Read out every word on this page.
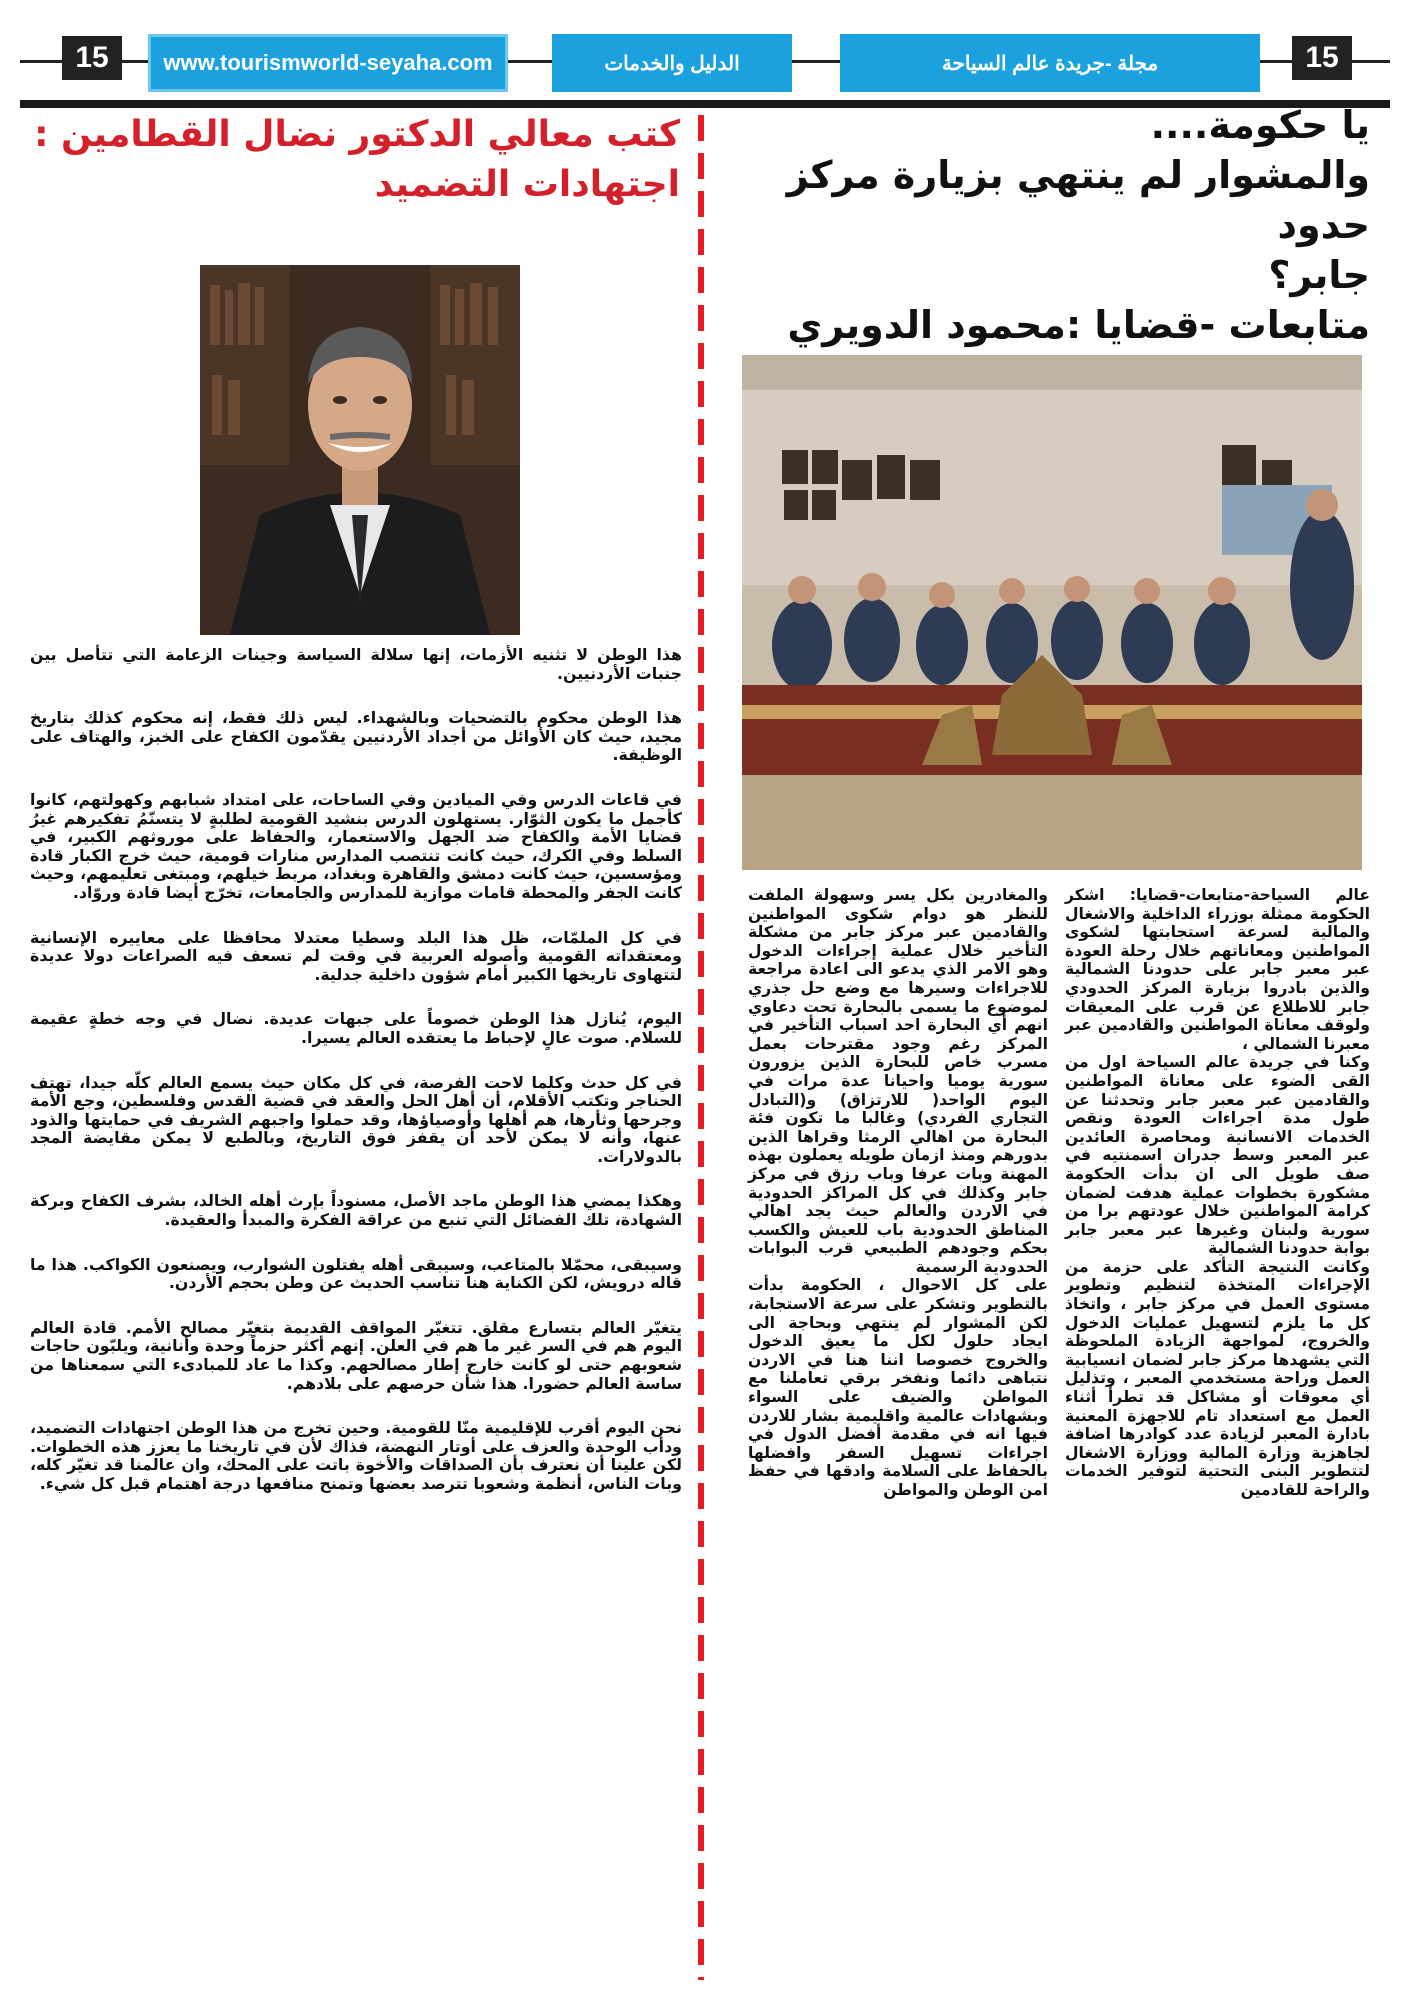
15	www.tourismworld-seyaha.com	الدليل والخدمات	مجلة -جريدة عالم السياحة	15
يا حكومة....
والمشوار لم ينتهي بزيارة مركز حدود
جابر؟
متابعات -قضايا :محمود الدويري
كتب معالي الدكتور نضال القطامين :
اجتهادات التضميد

هذا الوطن لا تثنيه الأزمات، إنها سلالة السياسة وجينات الزعامة التي تتأصل بين جنبات الأردنيين.

هذا الوطن محكوم بالتضحيات وبالشهداء. ليس ذلك فقط، إنه محكوم كذلك بتاريخ مجيد، حيث كان الأوائل من أجداد الأردنيين يقدّمون الكفاح على الخبز، والهتاف على الوظيفة.

في قاعات الدرس وفي الميادين وفي الساحات، على امتداد شبابهم وكهولتهم، كانوا كأجمل ما يكون الثوّار. يستهلون الدرس بنشيد القومية لطلبةٍ لا يتسنّمُ تفكيرهم غيرُ قضايا الأمة والكفاح ضد الجهل والاستعمار، والحفاظ على موروثهم الكبير، في السلط وفي الكرك، حيث كانت تنتصب المدارس منارات قومية، حيث خرج الكبار قادة ومؤسسين، حيث كانت دمشق والقاهرة وبغداد، مربط خيلهم، ومبتغى تعليمهم، وحيث كانت الجفر والمحطة قامات موازية للمدارس والجامعات، تخرّج أيضا قادة وروّاد.

في كل الملمّات، ظل هذا البلد وسطيا معتدلا محافظا على معاييره الإنسانية ومعتقداته القومية وأصوله العربية في وقت لم تسعف فيه الصراعات دولا عديدة لتتهاوى تاريخها الكبير أمام شؤون داخلية جدلية.

اليوم، يُنازل هذا الوطن خصوماً على جبهات عديدة. نضال في وجه خطةٍ عقيمة للسلام. صوت عالٍ لإحباط ما يعتقده العالم يسيرا.

في كل حدث وكلما لاحت الفرصة، في كل مكان حيث يسمع العالم كلّه جيدا، تهتف الحناجر وتكتب الأقلام، أن أهل الحل والعقد في قضية القدس وفلسطين، وجع الأمة وجرحها وثأرها، هم أهلها وأوصياؤها، وقد حملوا واجبهم الشريف في حمايتها والذود عنها، وأنه لا يمكن لأحد أن يقفز فوق التاريخ، وبالطبع لا يمكن مقايضة المجد بالدولارات.

وهكذا يمضي هذا الوطن ماجد الأصل، مسنوداً بإرث أهله الخالد، بشرف الكفاح وبركة الشهادة، تلك الفضائل التي تنبع من عراقة الفكرة والمبدأ والعقيدة.

وسيبقى، محمّلا بالمتاعب، وسيبقى أهله يفتلون الشوارب، ويصنعون الكواكب. هذا ما قاله درويش، لكن الكناية هنا تناسب الحديث عن وطن بحجم الأردن.

يتغيّر العالم بتسارع مقلق. تتغيّر المواقف القديمة بتغيّر مصالح الأمم. قادة العالم اليوم هم في السر غير ما هم في العلن. إنهم أكثر حزماً وحدة وأنانية، ويلبّون حاجات شعوبهم حتى لو كانت خارج إطار مصالحهم. وكذا ما عاد للمبادىء التي سمعناها من ساسة العالم حضورا. هذا شأن حرصهم على بلادهم.

نحن اليوم أقرب للإقليمية منّا للقومية. وحين تخرج من هذا الوطن اجتهادات التضميد، ودأب الوحدة والعزف على أوتار النهضة، فذاك لأن في تاريخنا ما يعزز هذه الخطوات. لكن علينا أن نعترف بأن الصداقات والأخوة باتت على المحك، وان عالمنا قد تغيّر كله، وبات الناس، أنظمة وشعوبا تترصد بعضها وتمنح منافعها درجة اهتمام قبل كل شيء.

عالم السياحة-متابعات-قضايا: اشكر الحكومة ممثلة بوزراء الداخلية والاشغال والمالية لسرعة استجابتها لشكوى المواطنين ومعاناتهم خلال رحلة العودة عبر معبر جابر على حدودنا الشمالية والذين بادروا بزيارة المركز الحدودي جابر للاطلاع عن قرب على المعيقات ولوقف معاناة المواطنين والقادمين عبر معبرنا الشمالي ،

وكنا في جريدة عالم السياحة اول من القى الضوء على معاناة المواطنين والقادمين عبر معبر جابر وتحدثنا عن طول مدة اجراءات العودة ونقص الخدمات الانسانية ومحاصرة العائدين عبر المعبر وسط جدران اسمنتيه في صف طويل الى ان بدأت الحكومة مشكورة بخطوات عملية هدفت لضمان كرامة المواطنين خلال عودتهم برا من سورية ولبنان وغيرها عبر معبر جابر بوابة حدودنا الشمالية

وكانت النتيجة التأكد على حزمة من الإجراءات المتخذة لتنظيم وتطوير مستوى العمل في مركز جابر ، واتخاذ كل ما يلزم لتسهيل عمليات الدخول والخروج، لمواجهة الزيادة الملحوظة التي يشهدها مركز جابر لضمان انسيابية العمل وراحة مستخدمي المعبر ، وتذليل أي معوقات أو مشاكل قد تطرأ أثناء العمل مع استعداد تام للاجهزة المعنية بادارة المعبر لزيادة عدد كوادرها اضافة لجاهزية وزارة المالية ووزارة الاشغال لتتطوير البنى التحتية لتوفير الخدمات والراحة للقادمين

والمغادرين بكل يسر وسهولة الملفت للنظر هو دوام شكوى المواطنين والقادمين عبر مركز جابر من مشكلة التأخير خلال عملية إجراءات الدخول وهو الامر الذي يدعو الى اعادة مراجعة للاجراءات وسيرها مع وضع حل جذري لموضوع ما يسمى بالبحارة تحت دعاوي انهم أي البحارة احد اسباب التأخير في المركز رغم وجود مقترحات بعمل مسرب خاص للبحارة الذين يزورون سورية يوميا واحيانا عدة مرات في اليوم الواحد( للارتزاق) و(التبادل التجاري الفردي) وغالبا ما تكون فئة البحارة من اهالي الرمثا وقراها الذين بدورهم ومنذ ازمان طويله يعملون بهذه المهنة وبات عرفا وباب رزق في مركز جابر وكذلك في كل المراكز الحدودية في الاردن والعالم حيث يجد اهالي المناطق الحدودية باب للعيش والكسب بحكم وجودهم الطبيعي قرب البوابات الحدودية الرسمية

على كل الاحوال ، الحكومة بدأت بالتطوير وتشكر على سرعة الاستجابة، لكن المشوار لم ينتهي وبحاجة الى ايجاد حلول لكل ما يعيق الدخول والخروج خصوصا اننا هنا في الاردن نتباهى دائما ونفخر برقي تعاملنا مع المواطن والضيف على السواء وبشهادات عالمية واقليمية بشار للاردن فيها انه في مقدمة أفضل الدول في اجراءات تسهيل السفر وافضلها بالحفاظ على السلامة وادقها في حفظ امن الوطن والمواطن
